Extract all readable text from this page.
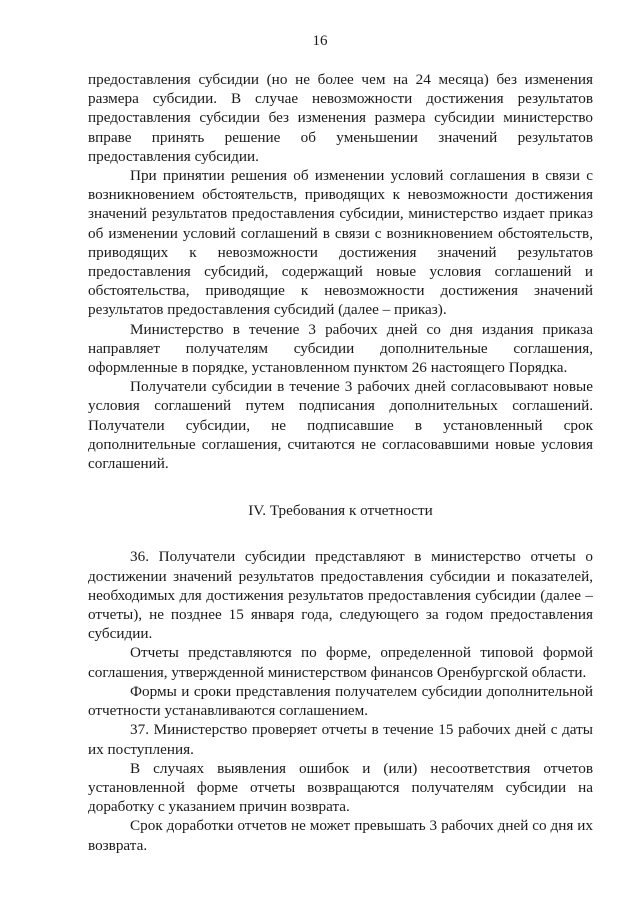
16

предоставления субсидии (но не более чем на 24 месяца) без изменения размера субсидии. В случае невозможности достижения результатов предоставления субсидии без изменения размера субсидии министерство вправе принять решение об уменьшении значений результатов предоставления субсидии.

При принятии решения об изменении условий соглашения в связи с возникновением обстоятельств, приводящих к невозможности достижения значений результатов предоставления субсидии, министерство издает приказ об изменении условий соглашений в связи с возникновением обстоятельств, приводящих к невозможности достижения значений результатов предоставления субсидий, содержащий новые условия соглашений и обстоятельства, приводящие к невозможности достижения значений результатов предоставления субсидий (далее – приказ).

Министерство в течение 3 рабочих дней со дня издания приказа направляет получателям субсидии дополнительные соглашения, оформленные в порядке, установленном пунктом 26 настоящего Порядка.

Получатели субсидии в течение 3 рабочих дней согласовывают новые условия соглашений путем подписания дополнительных соглашений. Получатели субсидии, не подписавшие в установленный срок дополнительные соглашения, считаются не согласовавшими новые условия соглашений.

IV. Требования к отчетности

36. Получатели субсидии представляют в министерство отчеты о достижении значений результатов предоставления субсидии и показателей, необходимых для достижения результатов предоставления субсидии (далее – отчеты), не позднее 15 января года, следующего за годом предоставления субсидии.

Отчеты представляются по форме, определенной типовой формой соглашения, утвержденной министерством финансов Оренбургской области.

Формы и сроки представления получателем субсидии дополнительной отчетности устанавливаются соглашением.

37. Министерство проверяет отчеты в течение 15 рабочих дней с даты их поступления.

В случаях выявления ошибок и (или) несоответствия отчетов установленной форме отчеты возвращаются получателям субсидии на доработку с указанием причин возврата.

Срок доработки отчетов не может превышать 3 рабочих дней со дня их возврата.
